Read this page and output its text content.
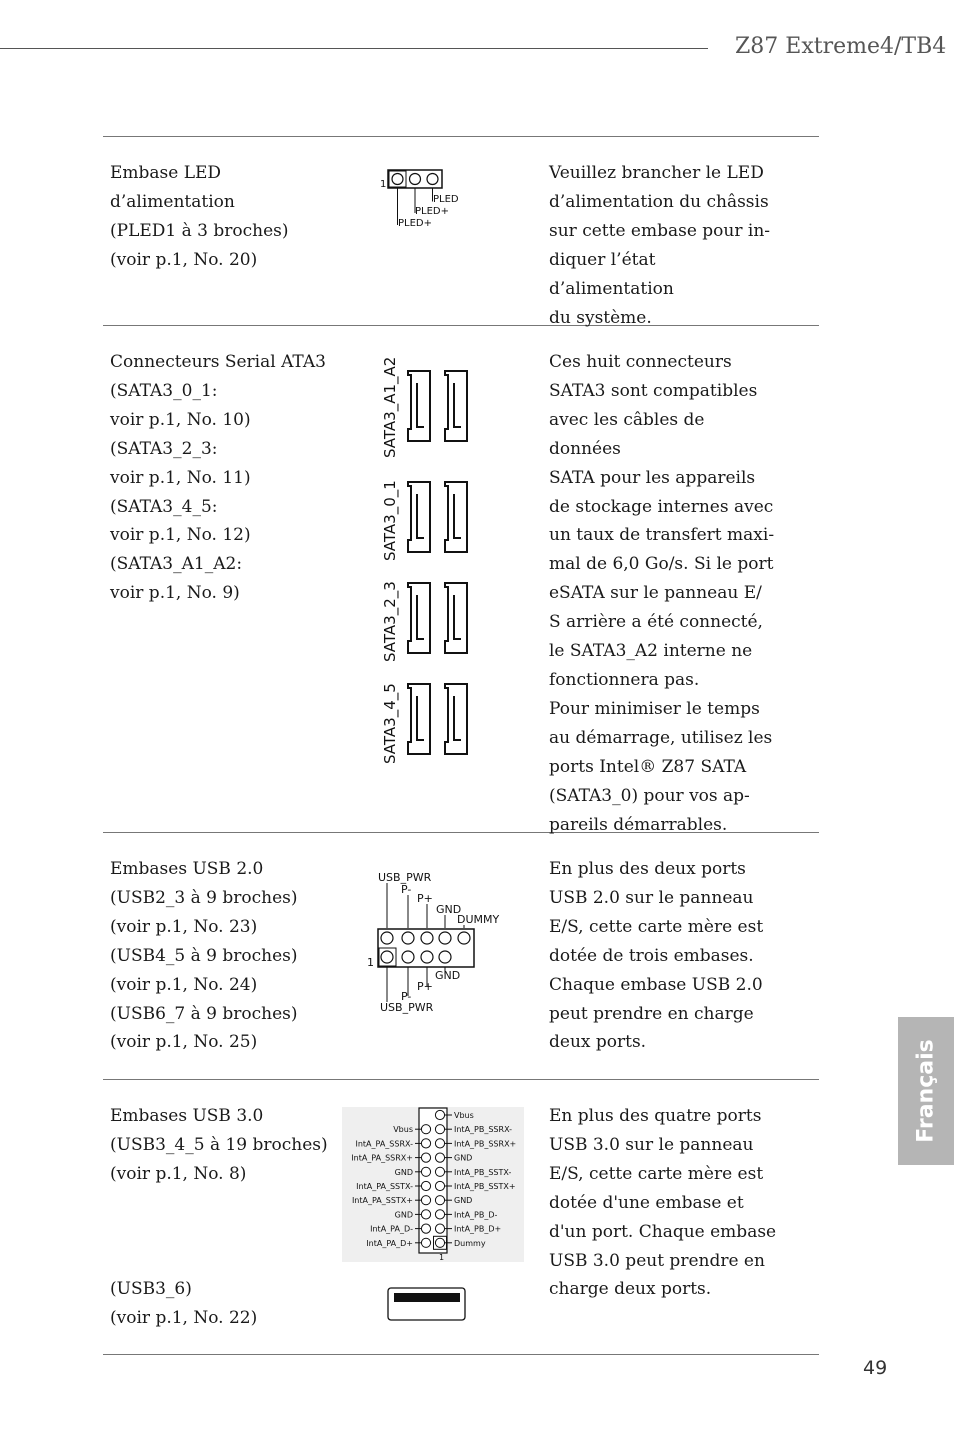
Z87 Extreme4/TB4
Embase LED
d’alimentation
(PLED1 à 3 broches)
(voir p.1, No. 20)
Veuillez brancher le LED
d’alimentation du châssis
sur cette embase pour in-
diquer l’état d’alimentation
du système.
1
PLED
PLED+
PLED+
Connecteurs Serial ATA3
(SATA3_0_1:
voir p.1, No. 10)
(SATA3_2_3:
voir p.1, No. 11)
(SATA3_4_5:
voir p.1, No. 12)
(SATA3_A1_A2:
voir p.1, No. 9)
Ces huit connecteurs
SATA3 sont compatibles
avec les câbles de données
SATA pour les appareils
de stockage internes avec
un taux de transfert maxi-
mal de 6,0 Go/s. Si le port
eSATA sur le panneau E/
S arrière a été connecté,
le SATA3_A2 interne ne
fonctionnera pas.
Pour minimiser le temps
au démarrage, utilisez les
ports Intel® Z87 SATA
(SATA3_0) pour vos ap-
pareils démarrables.
SATA3_A1_A2
SATA3_0_1
SATA3_2_3
SATA3_4_5
Embases USB 2.0
(USB2_3 à 9 broches)
(voir p.1, No. 23)
(USB4_5 à 9 broches)
(voir p.1, No. 24)
(USB6_7 à 9 broches)
(voir p.1, No. 25)
En plus des deux ports
USB 2.0 sur le panneau
E/S, cette carte mère est
dotée de trois embases.
Chaque embase USB 2.0
peut prendre en charge
deux ports.
USB_PWR
P-
P+
GND
DUMMY
1
GND
P+
P-
USB_PWR
Embases USB 3.0
(USB3_4_5 à 19 broches)
(voir p.1, No. 8)
(USB3_6)
(voir p.1, No. 22)
En plus des quatre ports
USB 3.0 sur le panneau
E/S, cette carte mère est
dotée d'une embase et
d'un port. Chaque embase
USB 3.0 peut prendre en
charge deux ports.
Vbus
IntA_PA_SSRX-
IntA_PA_SSRX+
GND
IntA_PA_SSTX-
IntA_PA_SSTX+
GND
IntA_PA_D-
IntA_PA_D+
Vbus
IntA_PB_SSRX-
IntA_PB_SSRX+
GND
IntA_PB_SSTX-
IntA_PB_SSTX+
GND
IntA_PB_D-
IntA_PB_D+
Dummy
1
Français
49
